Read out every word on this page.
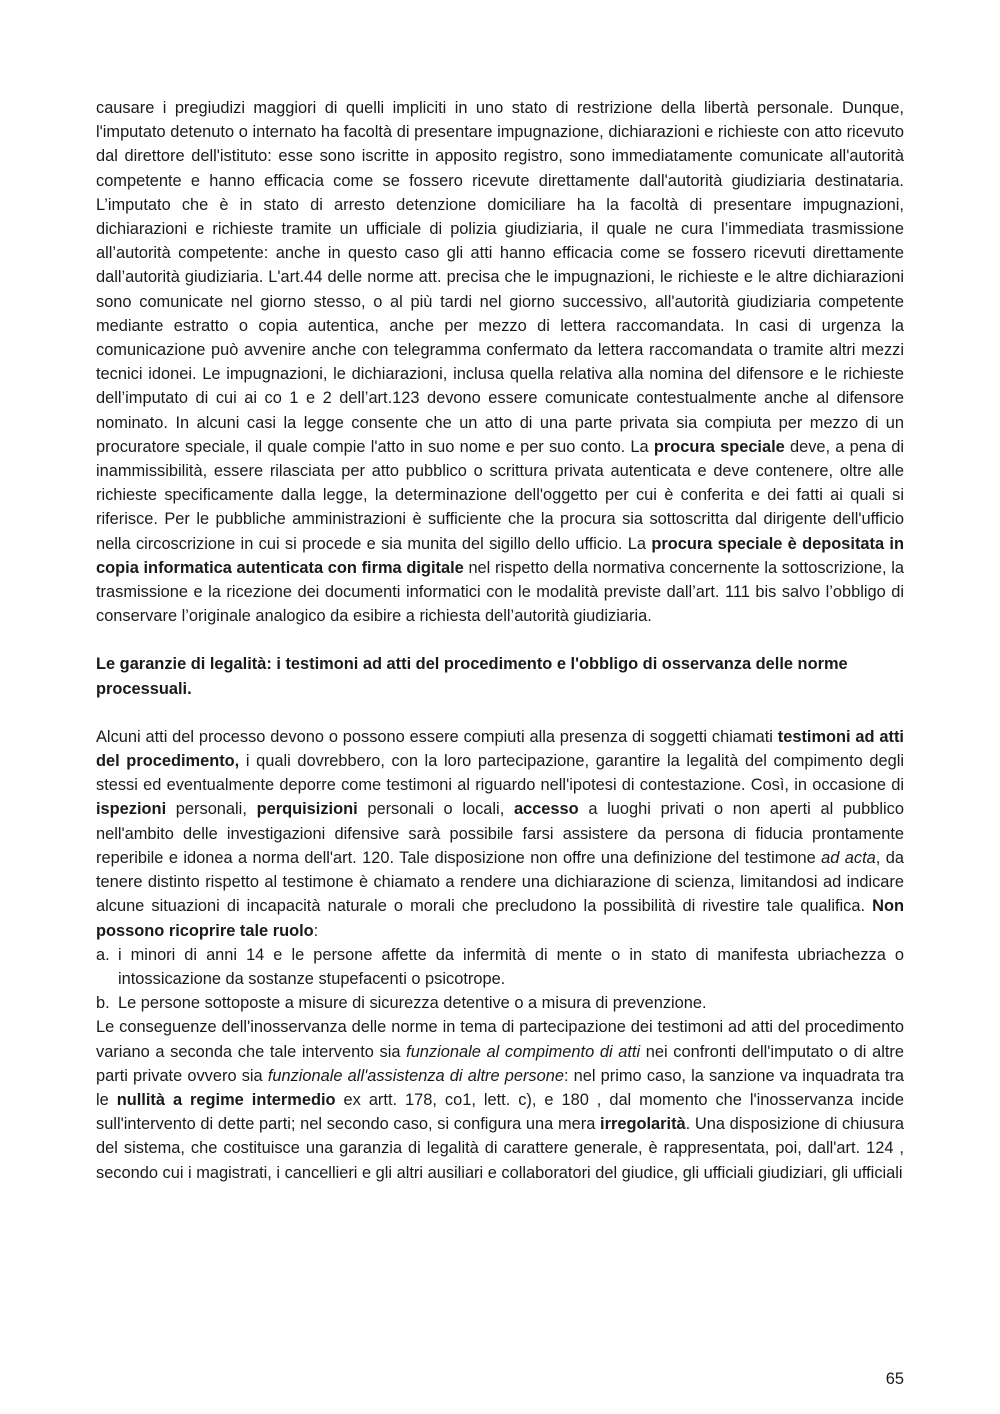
causare i pregiudizi maggiori di quelli impliciti in uno stato di restrizione della libertà personale. Dunque, l'imputato detenuto o internato ha facoltà di presentare impugnazione, dichiarazioni e richieste con atto ricevuto dal direttore dell'istituto: esse sono iscritte in apposito registro, sono immediatamente comunicate all'autorità competente e hanno efficacia come se fossero ricevute direttamente dall'autorità giudiziaria destinataria. L’imputato che è in stato di arresto detenzione domiciliare ha la facoltà di presentare impugnazioni, dichiarazioni e richieste tramite un ufficiale di polizia giudiziaria, il quale ne cura l’immediata trasmissione all’autorità competente: anche in questo caso gli atti hanno efficacia come se fossero ricevuti direttamente dall’autorità giudiziaria. L'art.44 delle norme att. precisa che le impugnazioni, le richieste e le altre dichiarazioni sono comunicate nel giorno stesso, o al più tardi nel giorno successivo, all'autorità giudiziaria competente mediante estratto o copia autentica, anche per mezzo di lettera raccomandata. In casi di urgenza la comunicazione può avvenire anche con telegramma confermato da lettera raccomandata o tramite altri mezzi tecnici idonei. Le impugnazioni, le dichiarazioni, inclusa quella relativa alla nomina del difensore e le richieste dell’imputato di cui ai co 1 e 2 dell’art.123 devono essere comunicate contestualmente anche al difensore nominato. In alcuni casi la legge consente che un atto di una parte privata sia compiuta per mezzo di un procuratore speciale, il quale compie l'atto in suo nome e per suo conto. La procura speciale deve, a pena di inammissibilità, essere rilasciata per atto pubblico o scrittura privata autenticata e deve contenere, oltre alle richieste specificamente dalla legge, la determinazione dell'oggetto per cui è conferita e dei fatti ai quali si riferisce. Per le pubbliche amministrazioni è sufficiente che la procura sia sottoscritta dal dirigente dell'ufficio nella circoscrizione in cui si procede e sia munita del sigillo dello ufficio. La procura speciale è depositata in copia informatica autenticata con firma digitale nel rispetto della normativa concernente la sottoscrizione, la trasmissione e la ricezione dei documenti informatici con le modalità previste dall’art. 111 bis salvo l’obbligo di conservare l’originale analogico da esibire a richiesta dell’autorità giudiziaria.

Le garanzie di legalità: i testimoni ad atti del procedimento e l'obbligo di osservanza delle norme processuali.

Alcuni atti del processo devono o possono essere compiuti alla presenza di soggetti chiamati testimoni ad atti del procedimento, i quali dovrebbero, con la loro partecipazione, garantire la legalità del compimento degli stessi ed eventualmente deporre come testimoni al riguardo nell'ipotesi di contestazione. Così, in occasione di ispezioni personali, perquisizioni personali o locali, accesso a luoghi privati o non aperti al pubblico nell'ambito delle investigazioni difensive sarà possibile farsi assistere da persona di fiducia prontamente reperibile e idonea a norma dell'art. 120. Tale disposizione non offre una definizione del testimone ad acta, da tenere distinto rispetto al testimone è chiamato a rendere una dichiarazione di scienza, limitandosi ad indicare alcune situazioni di incapacità naturale o morali che precludono la possibilità di rivestire tale qualifica. Non possono ricoprire tale ruolo:

a. i minori di anni 14 e le persone affette da infermità di mente o in stato di manifesta ubriachezza o intossicazione da sostanze stupefacenti o psicotrope.
b. Le persone sottoposte a misure di sicurezza detentive o a misura di prevenzione.

Le conseguenze dell'inosservanza delle norme in tema di partecipazione dei testimoni ad atti del procedimento variano a seconda che tale intervento sia funzionale al compimento di atti nei confronti dell'imputato o di altre parti private ovvero sia funzionale all'assistenza di altre persone: nel primo caso, la sanzione va inquadrata tra le nullità a regime intermedio ex artt. 178, co1, lett. c), e 180 , dal momento che l'inosservanza incide sull'intervento di dette parti; nel secondo caso, si configura una mera irregolarità. Una disposizione di chiusura del sistema, che costituisce una garanzia di legalità di carattere generale, è rappresentata, poi, dall'art. 124 , secondo cui i magistrati, i cancellieri e gli altri ausiliari e collaboratori del giudice, gli ufficiali giudiziari, gli ufficiali

65
